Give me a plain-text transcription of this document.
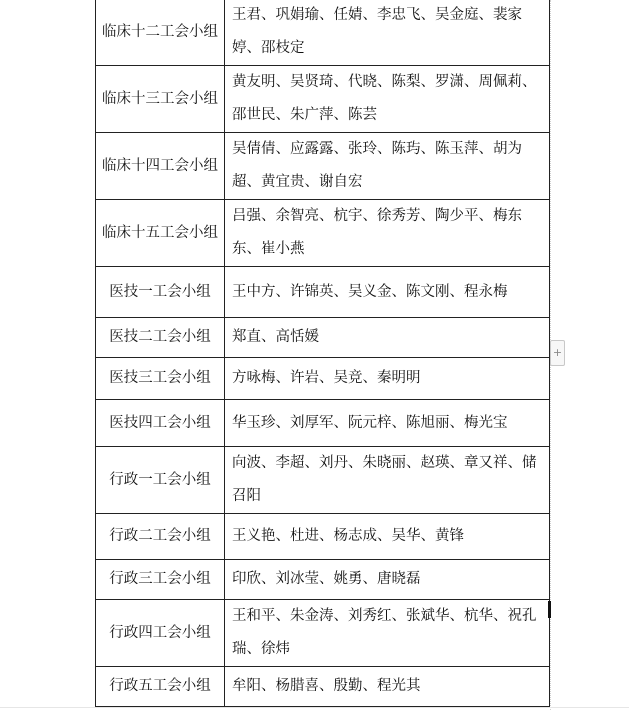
临床十二工会小组	王君、巩娟瑜、任婧、李忠飞、吴金庭、裴家婷、邵枝定
临床十三工会小组	黄友明、吴贤琦、代晓、陈梨、罗潇、周佩莉、邵世民、朱广萍、陈芸
临床十四工会小组	吴倩倩、应露露、张玲、陈玙、陈玉萍、胡为超、黄宜贵、谢自宏
临床十五工会小组	吕强、余智亮、杭宇、徐秀芳、陶少平、梅东东、崔小燕
医技一工会小组	王中方、许锦英、吴义金、陈文刚、程永梅
医技二工会小组	郑直、高恬媛
医技三工会小组	方咏梅、许岩、吴竞、秦明明
医技四工会小组	华玉珍、刘厚军、阮元梓、陈旭丽、梅光宝
行政一工会小组	向波、李超、刘丹、朱晓丽、赵瑛、章又祥、储召阳
行政二工会小组	王义艳、杜进、杨志成、吴华、黄锋
行政三工会小组	印欣、刘冰莹、姚勇、唐晓磊
行政四工会小组	王和平、朱金涛、刘秀红、张斌华、杭华、祝孔瑞、徐炜
行政五工会小组	牟阳、杨腊喜、殷勤、程光其
+
